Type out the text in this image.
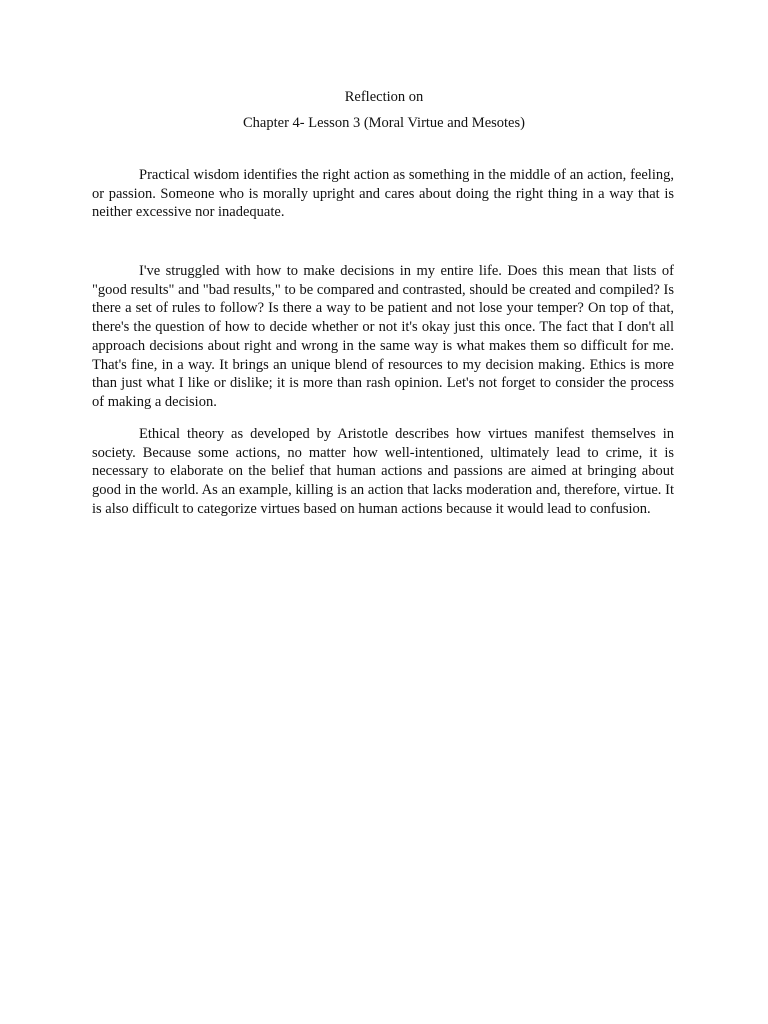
Reflection on

Chapter 4- Lesson 3 (Moral Virtue and Mesotes)

Practical wisdom identifies the right action as something in the middle of an action, feeling, or passion. Someone who is morally upright and cares about doing the right thing in a way that is neither excessive nor inadequate.

I've struggled with how to make decisions in my entire life. Does this mean that lists of "good results" and "bad results," to be compared and contrasted, should be created and compiled? Is there a set of rules to follow? Is there a way to be patient and not lose your temper? On top of that, there's the question of how to decide whether or not it's okay just this once. The fact that I don't all approach decisions about right and wrong in the same way is what makes them so difficult for me. That's fine, in a way. It brings an unique blend of resources to my decision making. Ethics is more than just what I like or dislike; it is more than rash opinion. Let's not forget to consider the process of making a decision.

Ethical theory as developed by Aristotle describes how virtues manifest themselves in society. Because some actions, no matter how well-intentioned, ultimately lead to crime, it is necessary to elaborate on the belief that human actions and passions are aimed at bringing about good in the world. As an example, killing is an action that lacks moderation and, therefore, virtue. It is also difficult to categorize virtues based on human actions because it would lead to confusion.
